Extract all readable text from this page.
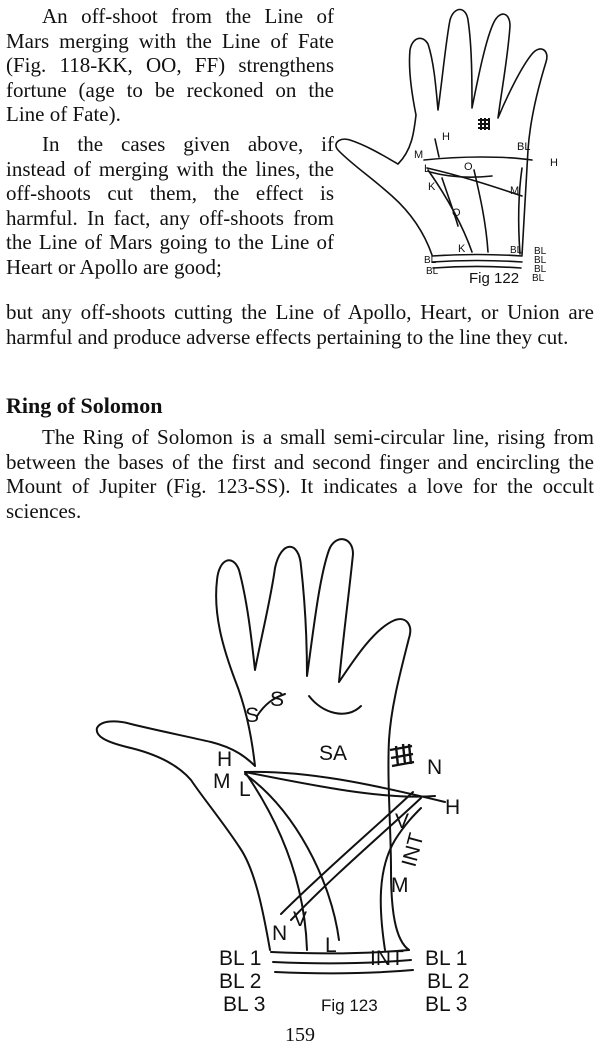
An off-shoot from the Line of Mars merging with the Line of Fate (Fig. 118-KK, OO, FF) strengthens fortune (age to be reckoned on the Line of Fate).

In the cases given above, if instead of merging with the lines, the off-shoots cut them, the effect is harmful. In fact, any off-shoots from the Line of Mars going to the Line of Heart or Apollo are good;

but any off-shoots cutting the Line of Apollo, Heart, or Union are harmful and produce adverse effects pertaining to the line they cut.

Ring of Solomon

The Ring of Solomon is a small semi-circular line, rising from between the bases of the first and second finger and encircling the Mount of Jupiter (Fig. 123-SS). It indicates a love for the occult sciences.

H
BL
H
M
L	O
K	M
O
K
BL
BL
BL BL
BL
BL
BL
Fig 122
S
S
SA
H
M L
N
H
V
INT
M
N
V
L
INT
BL 1
BL 2
BL 3
BL 1
BL 2
BL 3
Fig 123

159
